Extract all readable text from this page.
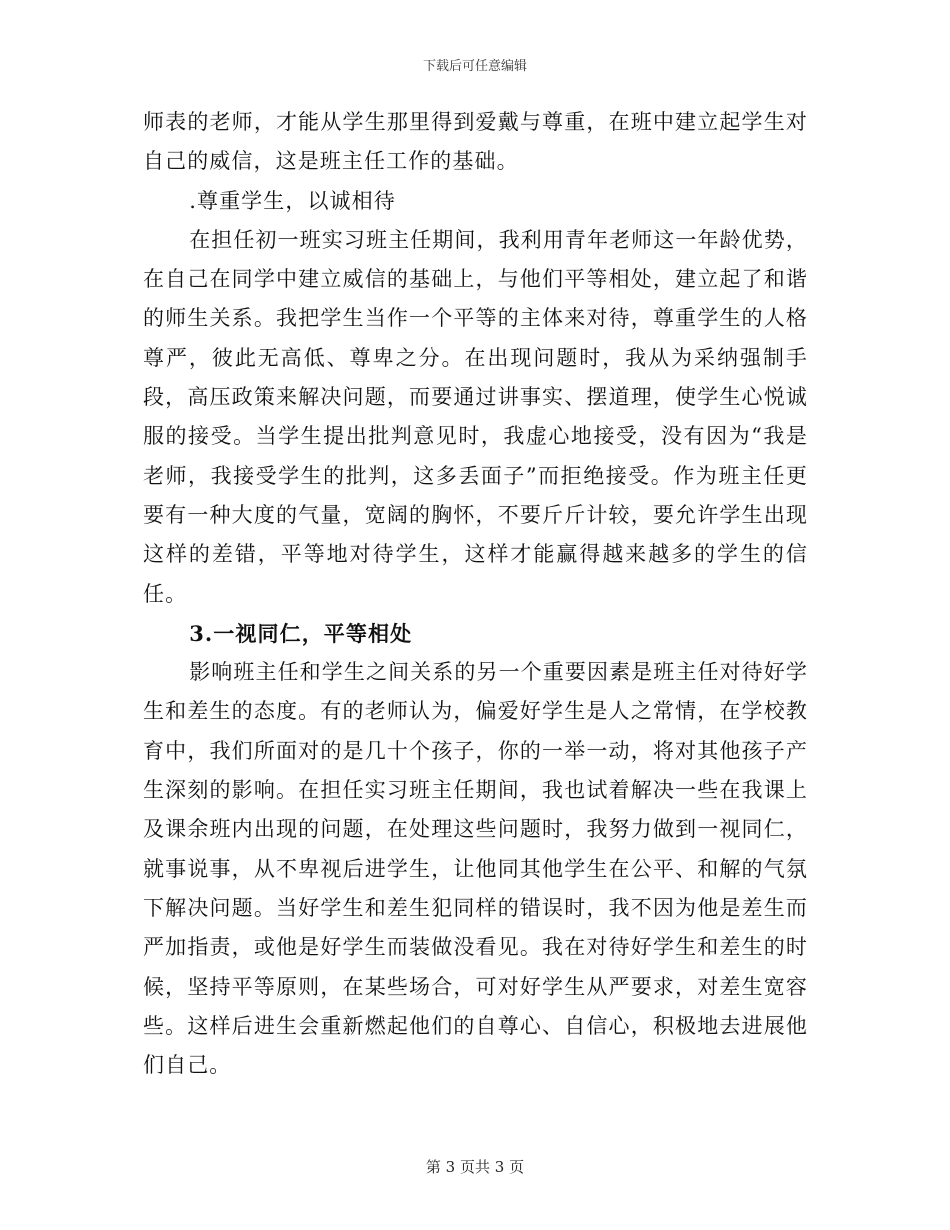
下载后可任意编辑

师表的老师，才能从学生那里得到爱戴与尊重，在班中建立起学生对自己的威信，这是班主任工作的基础。

.尊重学生，以诚相待

在担任初一班实习班主任期间，我利用青年老师这一年龄优势，在自己在同学中建立威信的基础上，与他们平等相处，建立起了和谐的师生关系。我把学生当作一个平等的主体来对待，尊重学生的人格尊严，彼此无高低、尊卑之分。在出现问题时，我从为采纳强制手段，高压政策来解决问题，而要通过讲事实、摆道理，使学生心悦诚服的接受。当学生提出批判意见时，我虚心地接受，没有因为“我是老师，我接受学生的批判，这多丢面子”而拒绝接受。作为班主任更要有一种大度的气量，宽阔的胸怀，不要斤斤计较，要允许学生出现这样的差错，平等地对待学生，这样才能赢得越来越多的学生的信任。

3.一视同仁，平等相处

影响班主任和学生之间关系的另一个重要因素是班主任对待好学生和差生的态度。有的老师认为，偏爱好学生是人之常情，在学校教育中，我们所面对的是几十个孩子，你的一举一动，将对其他孩子产生深刻的影响。在担任实习班主任期间，我也试着解决一些在我课上及课余班内出现的问题，在处理这些问题时，我努力做到一视同仁，就事说事，从不卑视后进学生，让他同其他学生在公平、和解的气氛下解决问题。当好学生和差生犯同样的错误时，我不因为他是差生而严加指责，或他是好学生而装做没看见。我在对待好学生和差生的时候，坚持平等原则，在某些场合，可对好学生从严要求，对差生宽容些。这样后进生会重新燃起他们的自尊心、自信心，积极地去进展他们自己。

第 3 页共 3 页
